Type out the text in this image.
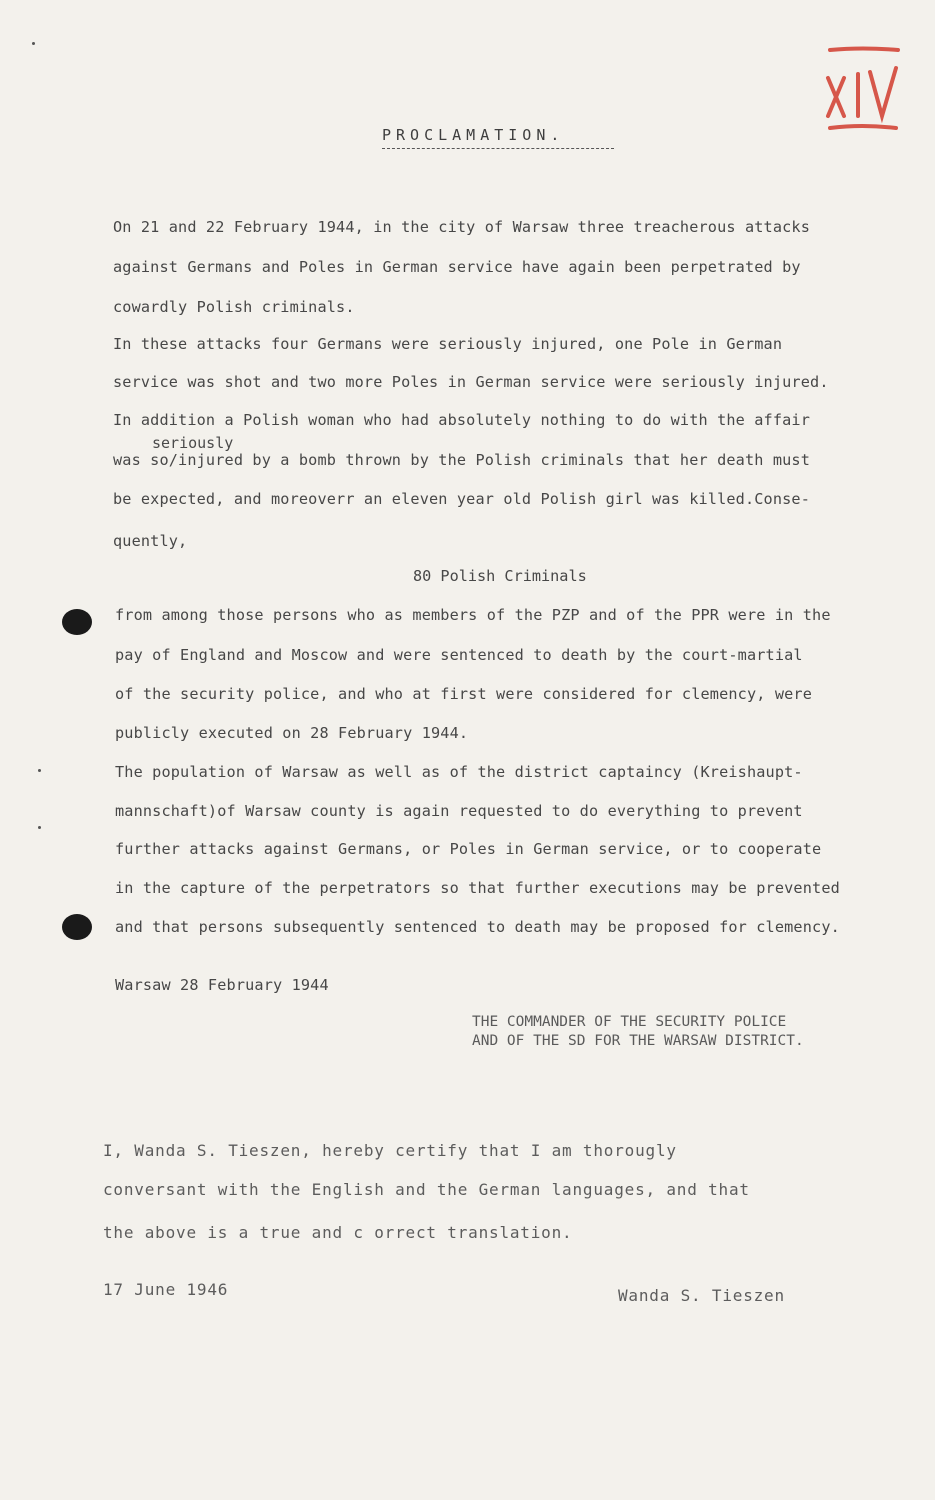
XIV
PROCLAMATION.
On 21 and 22 February 1944, in the city of Warsaw three treacherous attacks
against Germans and Poles in German service have again been perpetrated by
cowardly Polish criminals.
In these attacks four Germans were seriously injured, one Pole in German
service was shot and two more Poles in German service were seriously injured.
In addition a Polish woman who had absolutely nothing to do with the affair
seriously
was so/injured by a bomb thrown by the Polish criminals that her death must
be expected, and moreoverr an eleven year old Polish girl was killed.Conse-
quently,
80 Polish Criminals
from among those persons who as members of the PZP and of the PPR were in the
pay of England and Moscow and were sentenced to death by the court-martial
of the security police, and who at first were considered for clemency, were
publicly executed on 28 February 1944.
The population of Warsaw as well as of the district captaincy (Kreishaupt-
mannschaft)of Warsaw county is again requested to do everything to prevent
further attacks against Germans, or Poles in German service, or to cooperate
in the capture of the perpetrators so that further executions may be prevented
and that persons subsequently sentenced to death may be proposed for clemency.
Warsaw 28 February 1944
THE COMMANDER OF THE SECURITY POLICE
AND OF THE SD FOR THE WARSAW DISTRICT.
I, Wanda S. Tieszen, hereby certify that I am thorougly
conversant with the English and the German languages, and that
the above is a true and c orrect translation.
17 June 1946	Wanda S. Tieszen
